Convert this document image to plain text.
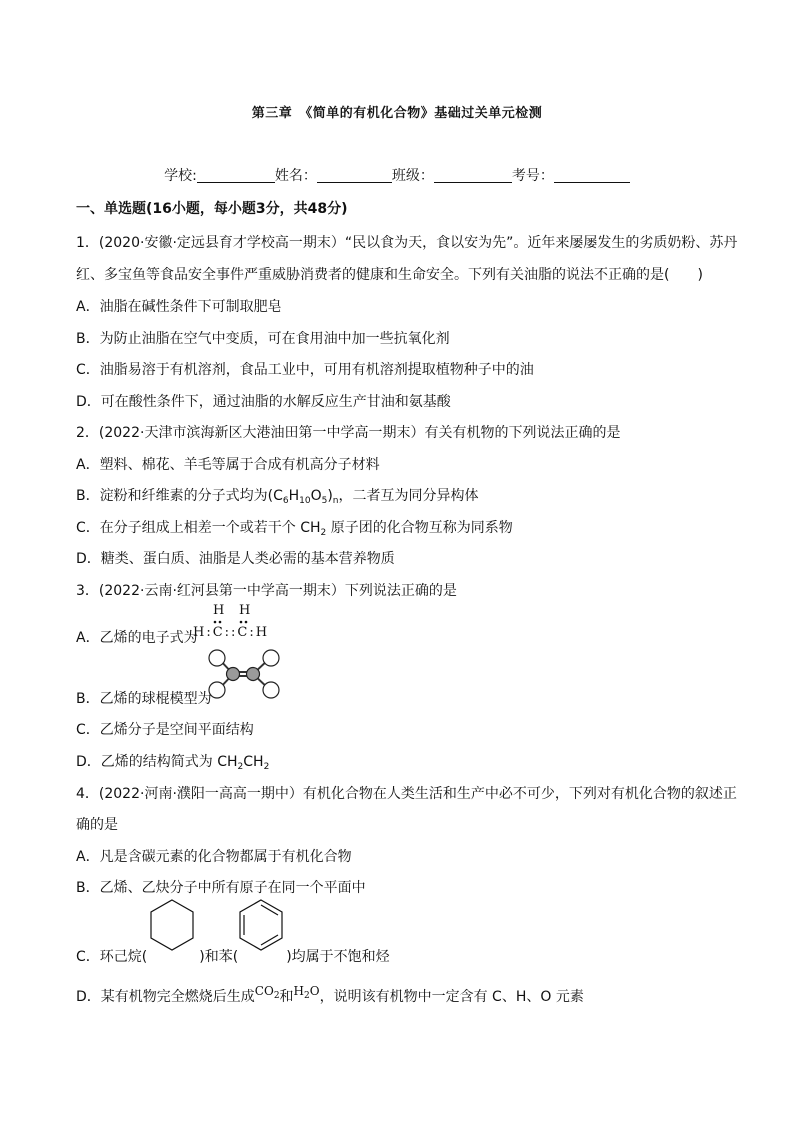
第三章　《简单的有机化合物》基础过关单元检测
学校:	姓名：	班级：	考号：
一、单选题(16小题，每小题3分，共48分)
1．(2020·安徽·定远县育才学校高一期末）“民以食为天，食以安为先”。近年来屡屡发生的劣质奶粉、苏丹
红、多宝鱼等食品安全事件严重威胁消费者的健康和生命安全。下列有关油脂的说法不正确的是(　　)
A．油脂在碱性条件下可制取肥皂
B．为防止油脂在空气中变质，可在食用油中加一些抗氧化剂
C．油脂易溶于有机溶剂，食品工业中，可用有机溶剂提取植物种子中的油
D．可在酸性条件下，通过油脂的水解反应生产甘油和氨基酸
2．(2022·天津市滨海新区大港油田第一中学高一期末）有关有机物的下列说法正确的是
A．塑料、棉花、羊毛等属于合成有机高分子材料
B．淀粉和纤维素的分子式均为$(C_6H_{10}O_5)_n$，二者互为同分异构体
C．在分子组成上相差一个或若干个 $CH_2$ 原子团的化合物互称为同系物
D．糖类、蛋白质、油脂是人类必需的基本营养物质
3．(2022·云南·红河县第一中学高一期末）下列说法正确的是
A．乙烯的电子式为
H H
H:C::C:H
B．乙烯的球棍模型为
C．乙烯分子是空间平面结构
D．乙烯的结构简式为 $CH_2CH_2$
4．(2022·河南·濮阳一高高一期中）有机化合物在人类生活和生产中必不可少，下列对有机化合物的叙述正
确的是
A．凡是含碳元素的化合物都属于有机化合物
B．乙烯、乙炔分子中所有原子在同一个平面中
C．环己烷(	)和苯(	)均属于不饱和烃
D．某有机物完全燃烧后生成$CO_2$和$H_2O$，说明该有机物中一定含有 C、H、O 元素
